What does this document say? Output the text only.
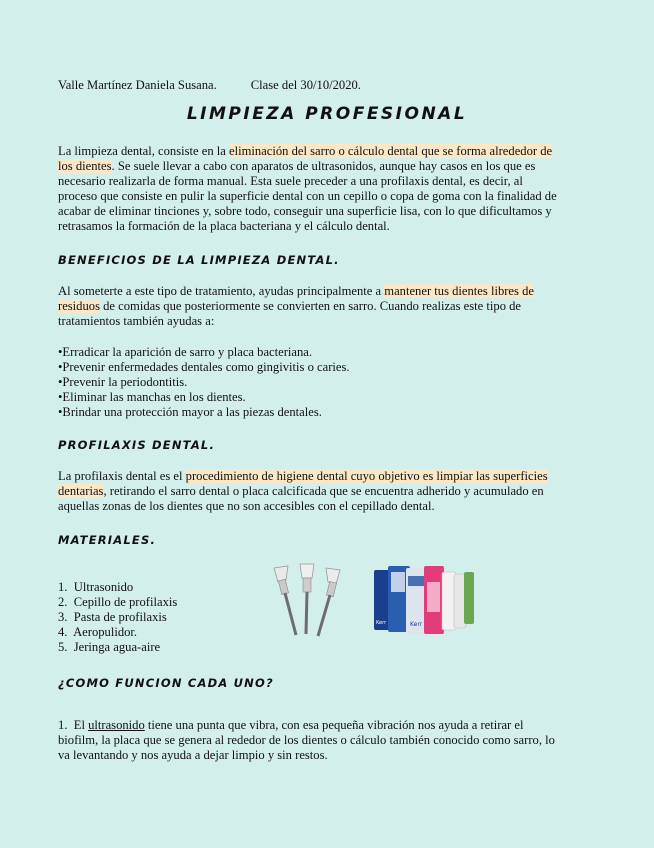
Valle Martínez Daniela Susana.	Clase del 30/10/2020.
LIMPIEZA PROFESIONAL
La limpieza dental, consiste en la eliminación del sarro o cálculo dental que se forma alrededor de
los dientes. Se suele llevar a cabo con aparatos de ultrasonidos, aunque hay casos en los que es
necesario realizarla de forma manual. Esta suele preceder a una profilaxis dental, es decir, al
proceso que consiste en pulir la superficie dental con un cepillo o copa de goma con la finalidad de
acabar de eliminar tinciones y, sobre todo, conseguir una superficie lisa, con lo que dificultamos y
retrasamos la formación de la placa bacteriana y el cálculo dental.
BENEFICIOS DE LA LIMPIEZA DENTAL.
Al someterte a este tipo de tratamiento, ayudas principalmente a mantener tus dientes libres de
residuos de comidas que posteriormente se convierten en sarro. Cuando realizas este tipo de
tratamientos también ayudas a:
•Erradicar la aparición de sarro y placa bacteriana.
•Prevenir enfermedades dentales como gingivitis o caries.
•Prevenir la periodontitis.
•Eliminar las manchas en los dientes.
•Brindar una protección mayor a las piezas dentales.
PROFILAXIS DENTAL.
La profilaxis dental es el procedimiento de higiene dental cuyo objetivo es limpiar las superficies
dentarias, retirando el sarro dental o placa calcificada que se encuentra adherido y acumulado en
aquellas zonas de los dientes que no son accesibles con el cepillado dental.
MATERIALES.
1.  Ultrasonido
2.  Cepillo de profilaxis
3.  Pasta de profilaxis
4.  Aeropulidor.
5.  Jeringa agua-aire
Kerr
Kerr
¿COMO FUNCION CADA UNO?
1. El ultrasonido tiene una punta que vibra, con esa pequeña vibración nos ayuda a retirar el
biofilm, la placa que se genera al rededor de los dientes o cálculo también conocido como sarro, lo
va levantando y nos ayuda a dejar limpio y sin restos.
